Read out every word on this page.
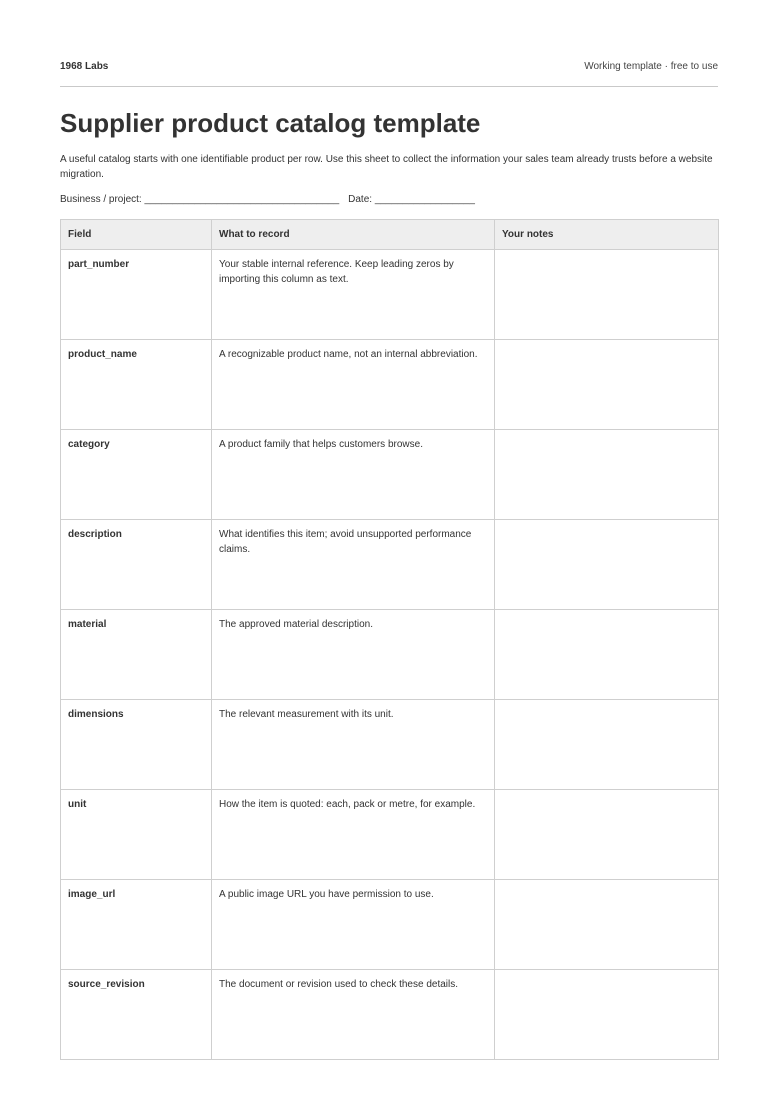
1968 Labs	Working template · free to use
Supplier product catalog template

A useful catalog starts with one identifiable product per row. Use this sheet to collect the information your sales team already trusts before a website migration.

Business / project: ___________________________________ Date: __________________
Field	What to record	Your notes
part_number	Your stable internal reference. Keep leading zeros by importing this column as text.	
product_name	A recognizable product name, not an internal abbreviation.	
category	A product family that helps customers browse.	
description	What identifies this item; avoid unsupported performance claims.	
material	The approved material description.	
dimensions	The relevant measurement with its unit.	
unit	How the item is quoted: each, pack or metre, for example.	
image_url	A public image URL you have permission to use.	
source_revision	The document or revision used to check these details.	
